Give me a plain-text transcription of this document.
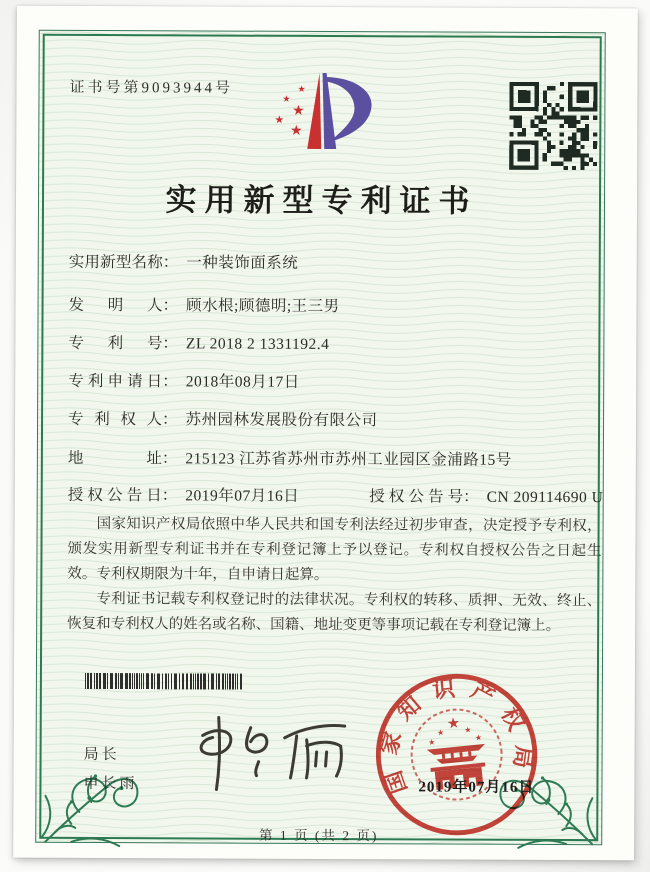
证书号第9093944号	★
★
★
★
★
实用新型专利证书
实用新型名称： 一种装饰面系统
发明人： 顾水根;顾德明;王三男
专利号： ZL 2018 2 1331192.4
专利申请日： 2018年08月17日
专利权人： 苏州园林发展股份有限公司
地址： 215123 江苏省苏州市苏州工业园区金浦路15号
授权公告日： 2019年07月16日	授权公告号： CN 209114690 U

国家知识产权局依照中华人民共和国专利法经过初步审查，决定授予专利权，颁发实用新型专利证书并在专利登记簿上予以登记。专利权自授权公告之日起生效。专利权期限为十年，自申请日起算。

专利证书记载专利权登记时的法律状况。专利权的转移、质押、无效、终止、恢复和专利权人的姓名或名称、国籍、地址变更等事项记载在专利登记簿上。

局长
申长雨	国家知识产权局
★
★ ★
★	★
2019年07月16日
第 1 页 (共 2 页)
